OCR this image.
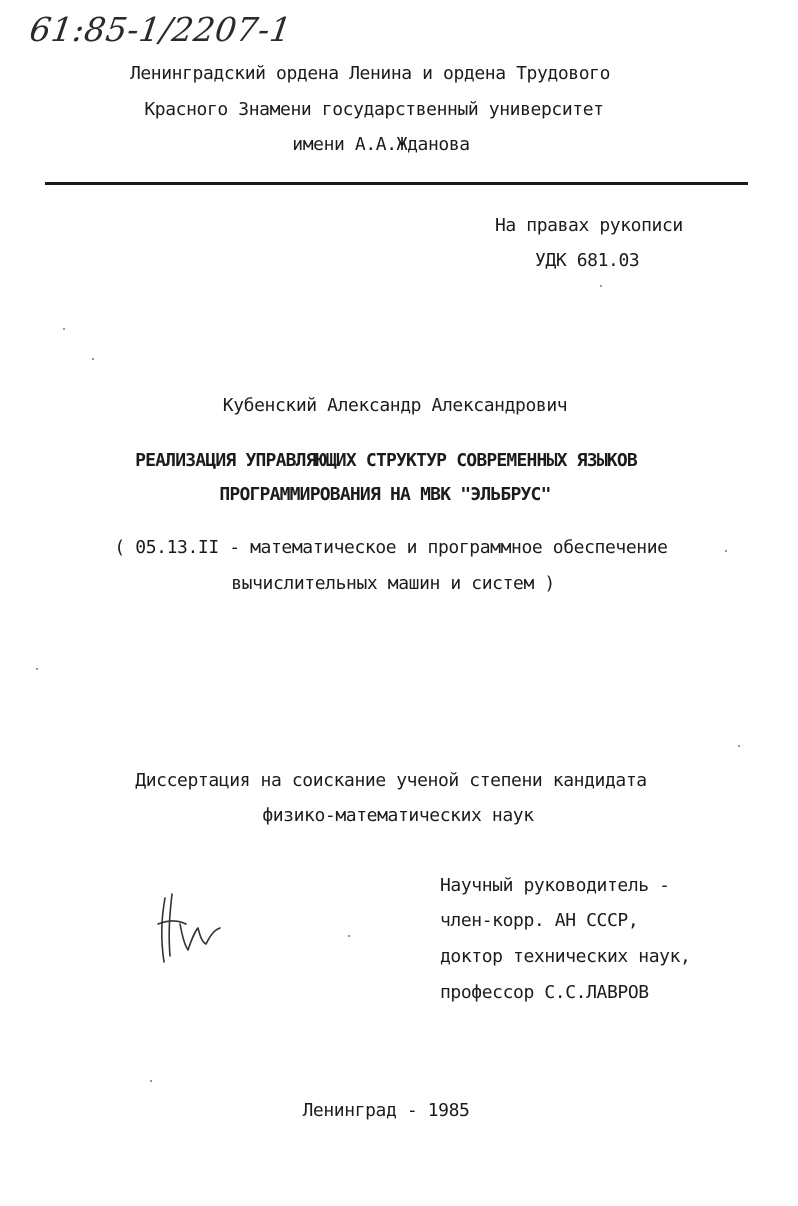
61:85-1/2207-1
Ленинградский ордена Ленина и ордена Трудового
Красного Знамени государственный университет
имени А.А.Жданова
На правах рукописи
УДК 681.03
Кубенский Александр Александрович
РЕАЛИЗАЦИЯ УПРАВЛЯЮЩИХ СТРУКТУР СОВРЕМЕННЫХ ЯЗЫКОВ
ПРОГРАММИРОВАНИЯ НА МВК "ЭЛЬБРУС"
( 05.13.II - математическое и программное обеспечение
вычислительных машин и систем )
Диссертация на соискание ученой степени кандидата
физико-математических наук
Научный руководитель -
член-корр. АН СССР,
доктор технических наук,
профессор С.С.ЛАВРОВ
Ленинград - 1985
